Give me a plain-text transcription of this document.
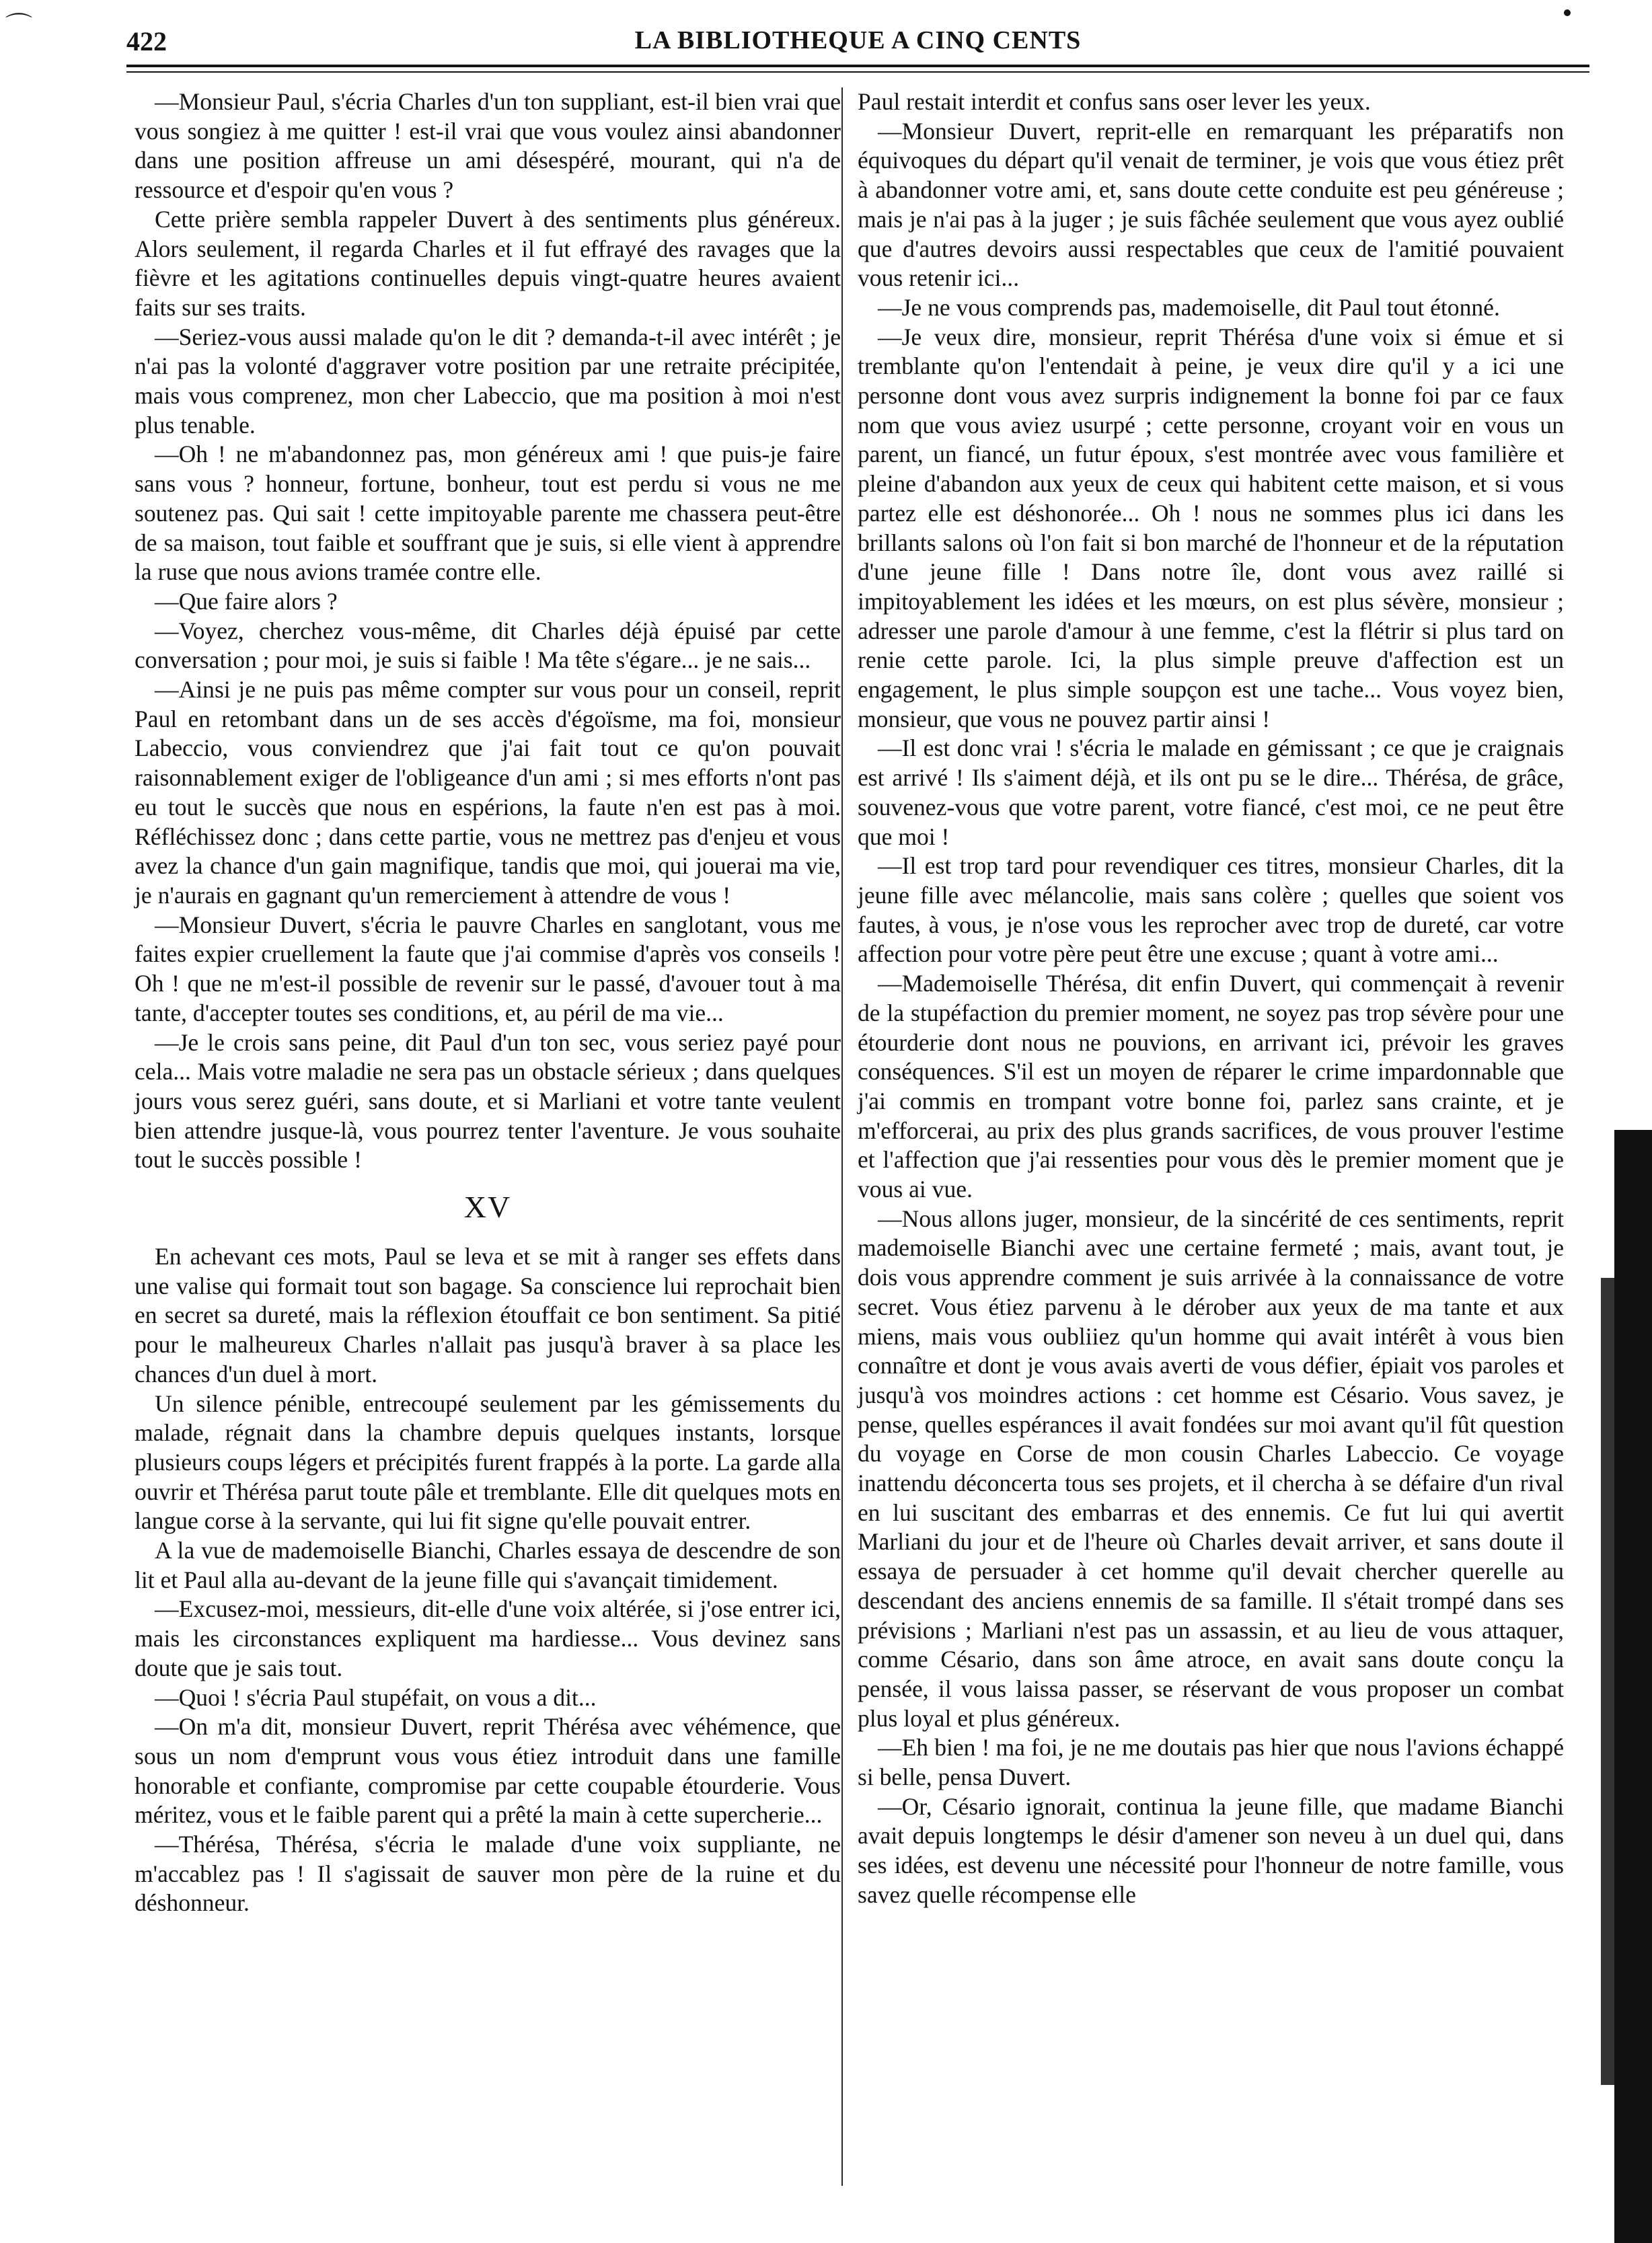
⌒	422	LA BIBLIOTHEQUE A CINQ CENTS

—Monsieur Paul, s'écria Charles d'un ton suppliant, est-il bien vrai que vous songiez à me quitter ! est-il vrai que vous voulez ainsi abandonner dans une position affreuse un ami désespéré, mourant, qui n'a de ressource et d'espoir qu'en vous ?

Cette prière sembla rappeler Duvert à des sentiments plus généreux. Alors seulement, il regarda Charles et il fut effrayé des ravages que la fièvre et les agitations continuelles depuis vingt-quatre heures avaient faits sur ses traits.

—Seriez-vous aussi malade qu'on le dit ? demanda-t-il avec intérêt ; je n'ai pas la volonté d'aggraver votre position par une retraite précipitée, mais vous comprenez, mon cher Labeccio, que ma position à moi n'est plus tenable.

—Oh ! ne m'abandonnez pas, mon généreux ami ! que puis-je faire sans vous ? honneur, fortune, bonheur, tout est perdu si vous ne me soutenez pas. Qui sait ! cette impitoyable parente me chassera peut-être de sa maison, tout faible et souffrant que je suis, si elle vient à apprendre la ruse que nous avions tramée contre elle.

—Que faire alors ?

—Voyez, cherchez vous-même, dit Charles déjà épuisé par cette conversation ; pour moi, je suis si faible ! Ma tête s'égare... je ne sais...

—Ainsi je ne puis pas même compter sur vous pour un conseil, reprit Paul en retombant dans un de ses accès d'égoïsme, ma foi, monsieur Labeccio, vous conviendrez que j'ai fait tout ce qu'on pouvait raisonnablement exiger de l'obligeance d'un ami ; si mes efforts n'ont pas eu tout le succès que nous en espérions, la faute n'en est pas à moi. Réfléchissez donc ; dans cette partie, vous ne mettrez pas d'enjeu et vous avez la chance d'un gain magnifique, tandis que moi, qui jouerai ma vie, je n'aurais en gagnant qu'un remerciement à attendre de vous !

—Monsieur Duvert, s'écria le pauvre Charles en sanglotant, vous me faites expier cruellement la faute que j'ai commise d'après vos conseils ! Oh ! que ne m'est-il possible de revenir sur le passé, d'avouer tout à ma tante, d'accepter toutes ses conditions, et, au péril de ma vie...

—Je le crois sans peine, dit Paul d'un ton sec, vous seriez payé pour cela... Mais votre maladie ne sera pas un obstacle sérieux ; dans quelques jours vous serez guéri, sans doute, et si Marliani et votre tante veulent bien attendre jusque-là, vous pourrez tenter l'aventure. Je vous souhaite tout le succès possible !

XV

En achevant ces mots, Paul se leva et se mit à ranger ses effets dans une valise qui formait tout son bagage. Sa conscience lui reprochait bien en secret sa dureté, mais la réflexion étouffait ce bon sentiment. Sa pitié pour le malheureux Charles n'allait pas jusqu'à braver à sa place les chances d'un duel à mort.

Un silence pénible, entrecoupé seulement par les gémissements du malade, régnait dans la chambre depuis quelques instants, lorsque plusieurs coups légers et précipités furent frappés à la porte. La garde alla ouvrir et Thérésa parut toute pâle et tremblante. Elle dit quelques mots en langue corse à la servante, qui lui fit signe qu'elle pouvait entrer.

A la vue de mademoiselle Bianchi, Charles essaya de descendre de son lit et Paul alla au-devant de la jeune fille qui s'avançait timidement.

—Excusez-moi, messieurs, dit-elle d'une voix altérée, si j'ose entrer ici, mais les circonstances expliquent ma hardiesse... Vous devinez sans doute que je sais tout.

—Quoi ! s'écria Paul stupéfait, on vous a dit...

—On m'a dit, monsieur Duvert, reprit Thérésa avec véhémence, que sous un nom d'emprunt vous vous étiez introduit dans une famille honorable et confiante, compromise par cette coupable étourderie. Vous méritez, vous et le faible parent qui a prêté la main à cette supercherie...

—Thérésa, Thérésa, s'écria le malade d'une voix suppliante, ne m'accablez pas ! Il s'agissait de sauver mon père de la ruine et du déshonneur.

Paul restait interdit et confus sans oser lever les yeux.

—Monsieur Duvert, reprit-elle en remarquant les préparatifs non équivoques du départ qu'il venait de terminer, je vois que vous étiez prêt à abandonner votre ami, et, sans doute cette conduite est peu généreuse ; mais je n'ai pas à la juger ; je suis fâchée seulement que vous ayez oublié que d'autres devoirs aussi respectables que ceux de l'amitié pouvaient vous retenir ici...

—Je ne vous comprends pas, mademoiselle, dit Paul tout étonné.

—Je veux dire, monsieur, reprit Thérésa d'une voix si émue et si tremblante qu'on l'entendait à peine, je veux dire qu'il y a ici une personne dont vous avez surpris indignement la bonne foi par ce faux nom que vous aviez usurpé ; cette personne, croyant voir en vous un parent, un fiancé, un futur époux, s'est montrée avec vous familière et pleine d'abandon aux yeux de ceux qui habitent cette maison, et si vous partez elle est déshonorée... Oh ! nous ne sommes plus ici dans les brillants salons où l'on fait si bon marché de l'honneur et de la réputation d'une jeune fille ! Dans notre île, dont vous avez raillé si impitoyablement les idées et les mœurs, on est plus sévère, monsieur ; adresser une parole d'amour à une femme, c'est la flétrir si plus tard on renie cette parole. Ici, la plus simple preuve d'affection est un engagement, le plus simple soupçon est une tache... Vous voyez bien, monsieur, que vous ne pouvez partir ainsi !

—Il est donc vrai ! s'écria le malade en gémissant ; ce que je craignais est arrivé ! Ils s'aiment déjà, et ils ont pu se le dire... Thérésa, de grâce, souvenez-vous que votre parent, votre fiancé, c'est moi, ce ne peut être que moi !

—Il est trop tard pour revendiquer ces titres, monsieur Charles, dit la jeune fille avec mélancolie, mais sans colère ; quelles que soient vos fautes, à vous, je n'ose vous les reprocher avec trop de dureté, car votre affection pour votre père peut être une excuse ; quant à votre ami...

—Mademoiselle Thérésa, dit enfin Duvert, qui commençait à revenir de la stupéfaction du premier moment, ne soyez pas trop sévère pour une étourderie dont nous ne pouvions, en arrivant ici, prévoir les graves conséquences. S'il est un moyen de réparer le crime impardonnable que j'ai commis en trompant votre bonne foi, parlez sans crainte, et je m'efforcerai, au prix des plus grands sacrifices, de vous prouver l'estime et l'affection que j'ai ressenties pour vous dès le premier moment que je vous ai vue.

—Nous allons juger, monsieur, de la sincérité de ces sentiments, reprit mademoiselle Bianchi avec une certaine fermeté ; mais, avant tout, je dois vous apprendre comment je suis arrivée à la connaissance de votre secret. Vous étiez parvenu à le dérober aux yeux de ma tante et aux miens, mais vous oubliiez qu'un homme qui avait intérêt à vous bien connaître et dont je vous avais averti de vous défier, épiait vos paroles et jusqu'à vos moindres actions : cet homme est Césario. Vous savez, je pense, quelles espérances il avait fondées sur moi avant qu'il fût question du voyage en Corse de mon cousin Charles Labeccio. Ce voyage inattendu déconcerta tous ses projets, et il chercha à se défaire d'un rival en lui suscitant des embarras et des ennemis. Ce fut lui qui avertit Marliani du jour et de l'heure où Charles devait arriver, et sans doute il essaya de persuader à cet homme qu'il devait chercher querelle au descendant des anciens ennemis de sa famille. Il s'était trompé dans ses prévisions ; Marliani n'est pas un assassin, et au lieu de vous attaquer, comme Césario, dans son âme atroce, en avait sans doute conçu la pensée, il vous laissa passer, se réservant de vous proposer un combat plus loyal et plus généreux.

—Eh bien ! ma foi, je ne me doutais pas hier que nous l'avions échappé si belle, pensa Duvert.

—Or, Césario ignorait, continua la jeune fille, que madame Bianchi avait depuis longtemps le désir d'amener son neveu à un duel qui, dans ses idées, est devenu une nécessité pour l'honneur de notre famille, vous savez quelle récompense elle
